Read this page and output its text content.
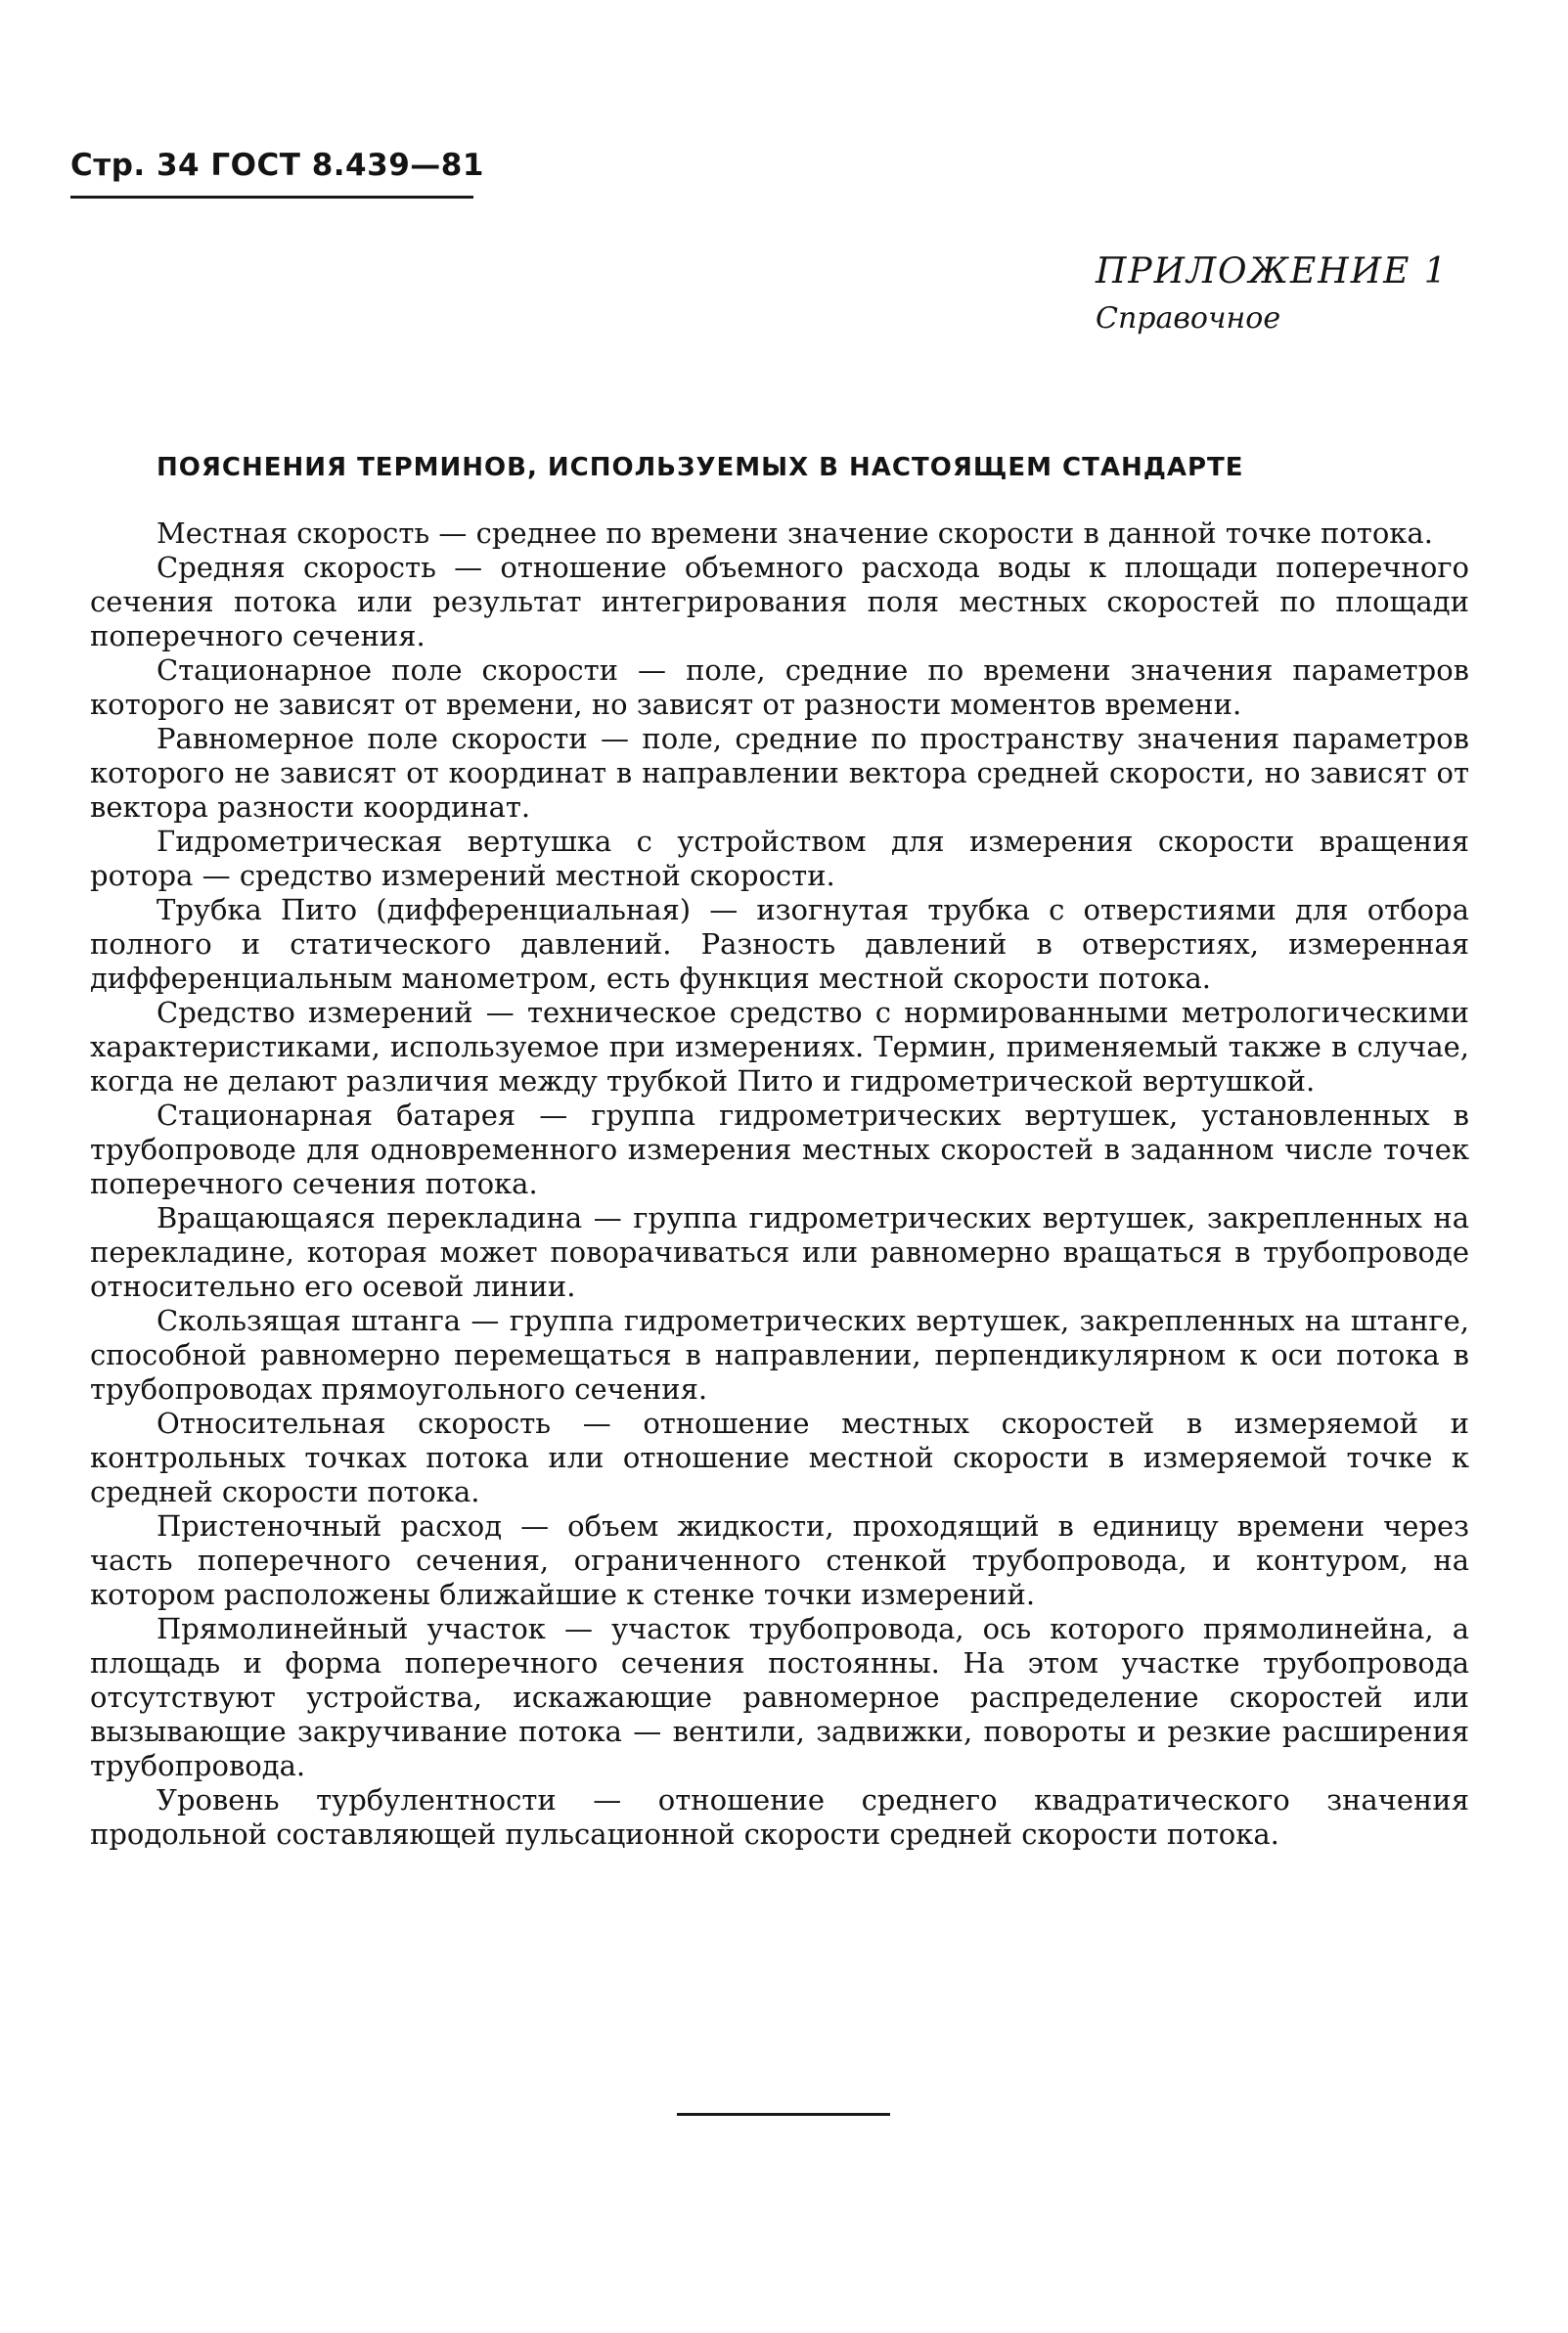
Стр. 34 ГОСТ 8.439—81
ПРИЛОЖЕНИЕ 1
Справочное
ПОЯСНЕНИЯ ТЕРМИНОВ, ИСПОЛЬЗУЕМЫХ В НАСТОЯЩЕМ СТАНДАРТЕ

Местная скорость — среднее по времени значение скорости в данной точке потока.

Средняя скорость — отношение объемного расхода воды к площади поперечного сечения потока или результат интегрирования поля местных скоростей по площади поперечного сечения.

Стационарное поле скорости — поле, средние по времени значения параметров которого не зависят от времени, но зависят от разности моментов времени.

Равномерное поле скорости — поле, средние по пространству значения параметров которого не зависят от координат в направлении вектора средней скорости, но зависят от вектора разности координат.

Гидрометрическая вертушка с устройством для измерения скорости вращения ротора — средство измерений местной скорости.

Трубка Пито (дифференциальная) — изогнутая трубка с отверстиями для отбора полного и статического давлений. Разность давлений в отверстиях, измеренная дифференциальным манометром, есть функция местной скорости потока.

Средство измерений — техническое средство с нормированными метрологическими характеристиками, используемое при измерениях. Термин, применяемый также в случае, когда не делают различия между трубкой Пито и гидрометрической вертушкой.

Стационарная батарея — группа гидрометрических вертушек, установленных в трубопроводе для одновременного измерения местных скоростей в заданном числе точек поперечного сечения потока.

Вращающаяся перекладина — группа гидрометрических вертушек, закрепленных на перекладине, которая может поворачиваться или равномерно вращаться в трубопроводе относительно его осевой линии.

Скользящая штанга — группа гидрометрических вертушек, закрепленных на штанге, способной равномерно перемещаться в направлении, перпендикулярном к оси потока в трубопроводах прямоугольного сечения.

Относительная скорость — отношение местных скоростей в измеряемой и контрольных точках потока или отношение местной скорости в измеряемой точке к средней скорости потока.

Пристеночный расход — объем жидкости, проходящий в единицу времени через часть поперечного сечения, ограниченного стенкой трубопровода, и контуром, на котором расположены ближайшие к стенке точки измерений.

Прямолинейный участок — участок трубопровода, ось которого прямолинейна, а площадь и форма поперечного сечения постоянны. На этом участке трубопровода отсутствуют устройства, искажающие равномерное распределение скоростей или вызывающие закручивание потока — вентили, задвижки, повороты и резкие расширения трубопровода.

Уровень турбулентности — отношение среднего квадратического значения продольной составляющей пульсационной скорости средней скорости потока.
